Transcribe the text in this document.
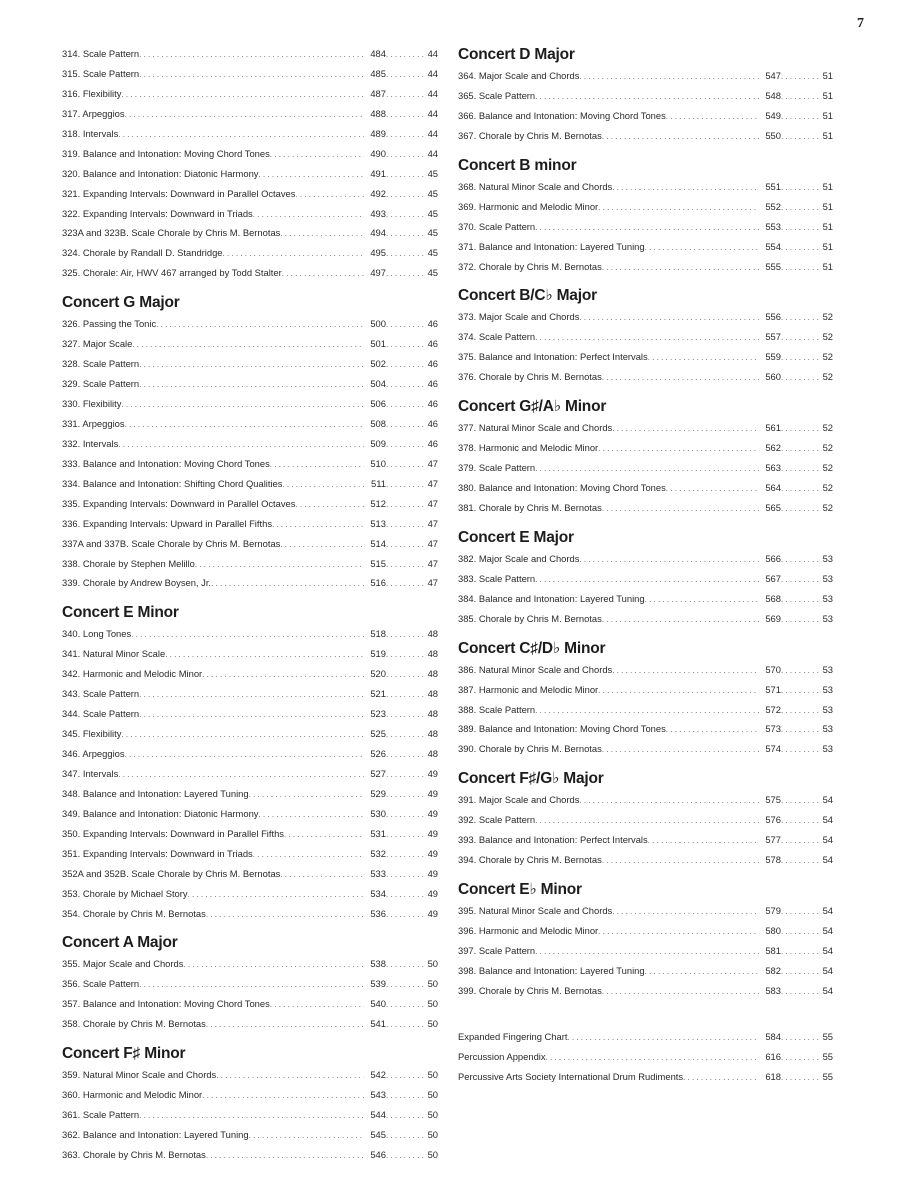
7
314. Scale Pattern . . .	484 . . .	44
315. Scale Pattern . . .	485 . . .	44
316. Flexibility . . .	487 . . .	44
317. Arpeggios . . .	488 . . .	44
318. Intervals . . .	489 . . .	44
319. Balance and Intonation: Moving Chord Tones . . .	490 . . .	44
320. Balance and Intonation: Diatonic Harmony . . .	491 . . .	45
321. Expanding Intervals: Downward in Parallel Octaves . . .	492 . . .	45
322. Expanding Intervals: Downward in Triads . . .	493 . . .	45
323A and 323B. Scale Chorale by Chris M. Bernotas . . .	494 . . .	45
324. Chorale by Randall D. Standridge . . .	495 . . .	45
325. Chorale: Air, HWV 467 arranged by Todd Stalter . . .	497 . . .	45
Concert G Major
326. Passing the Tonic . . .	500 . . .	46
327. Major Scale . . .	501 . . .	46
328. Scale Pattern . . .	502 . . .	46
329. Scale Pattern . . .	504 . . .	46
330. Flexibility . . .	506 . . .	46
331. Arpeggios . . .	508 . . .	46
332. Intervals . . .	509 . . .	46
333. Balance and Intonation: Moving Chord Tones . . .	510 . . .	47
334. Balance and Intonation: Shifting Chord Qualities . . .	511 . . .	47
335. Expanding Intervals: Downward in Parallel Octaves . . .	512 . . .	47
336. Expanding Intervals: Upward in Parallel Fifths . . .	513 . . .	47
337A and 337B. Scale Chorale by Chris M. Bernotas . . .	514 . . .	47
338. Chorale by Stephen Melillo . . .	515 . . .	47
339. Chorale by Andrew Boysen, Jr. . . .	516 . . .	47
Concert E Minor
340. Long Tones . . .	518 . . .	48
341. Natural Minor Scale . . .	519 . . .	48
342. Harmonic and Melodic Minor . . .	520 . . .	48
343. Scale Pattern . . .	521 . . .	48
344. Scale Pattern . . .	523 . . .	48
345. Flexibility . . .	525 . . .	48
346. Arpeggios . . .	526 . . .	48
347. Intervals . . .	527 . . .	49
348. Balance and Intonation: Layered Tuning . . .	529 . . .	49
349. Balance and Intonation: Diatonic Harmony . . .	530 . . .	49
350. Expanding Intervals: Downward in Parallel Fifths . . .	531 . . .	49
351. Expanding Intervals: Downward in Triads . . .	532 . . .	49
352A and 352B. Scale Chorale by Chris M. Bernotas . . .	533 . . .	49
353. Chorale by Michael Story . . .	534 . . .	49
354. Chorale by Chris M. Bernotas . . .	536 . . .	49
Concert A Major
355. Major Scale and Chords . . .	538 . . .	50
356. Scale Pattern . . .	539 . . .	50
357. Balance and Intonation: Moving Chord Tones . . .	540 . . .	50
358. Chorale by Chris M. Bernotas . . .	541 . . .	50
Concert F♯ Minor
359. Natural Minor Scale and Chords . . .	542 . . .	50
360. Harmonic and Melodic Minor . . .	543 . . .	50
361. Scale Pattern . . .	544 . . .	50
362. Balance and Intonation: Layered Tuning . . .	545 . . .	50
363. Chorale by Chris M. Bernotas . . .	546 . . .	50
Concert D Major
364. Major Scale and Chords . . .	547 . . .	51
365. Scale Pattern . . .	548 . . .	51
366. Balance and Intonation: Moving Chord Tones . . .	549 . . .	51
367. Chorale by Chris M. Bernotas . . .	550 . . .	51
Concert B minor
368. Natural Minor Scale and Chords . . .	551 . . .	51
369. Harmonic and Melodic Minor . . .	552 . . .	51
370. Scale Pattern . . .	553 . . .	51
371. Balance and Intonation: Layered Tuning . . .	554 . . .	51
372. Chorale by Chris M. Bernotas . . .	555 . . .	51
Concert B/C♭ Major
373. Major Scale and Chords . . .	556 . . .	52
374. Scale Pattern . . .	557 . . .	52
375. Balance and Intonation: Perfect Intervals . . .	559 . . .	52
376. Chorale by Chris M. Bernotas . . .	560 . . .	52
Concert G♯/A♭ Minor
377. Natural Minor Scale and Chords . . .	561 . . .	52
378. Harmonic and Melodic Minor . . .	562 . . .	52
379. Scale Pattern . . .	563 . . .	52
380. Balance and Intonation: Moving Chord Tones . . .	564 . . .	52
381. Chorale by Chris M. Bernotas . . .	565 . . .	52
Concert E Major
382. Major Scale and Chords . . .	566 . . .	53
383. Scale Pattern . . .	567 . . .	53
384. Balance and Intonation: Layered Tuning . . .	568 . . .	53
385. Chorale by Chris M. Bernotas . . .	569 . . .	53
Concert C♯/D♭ Minor
386. Natural Minor Scale and Chords . . .	570 . . .	53
387. Harmonic and Melodic Minor . . .	571 . . .	53
388. Scale Pattern . . .	572 . . .	53
389. Balance and Intonation: Moving Chord Tones . . .	573 . . .	53
390. Chorale by Chris M. Bernotas . . .	574 . . .	53
Concert F♯/G♭ Major
391. Major Scale and Chords . . .	575 . . .	54
392. Scale Pattern . . .	576 . . .	54
393. Balance and Intonation: Perfect Intervals . . .	577 . . .	54
394. Chorale by Chris M. Bernotas . . .	578 . . .	54
Concert E♭ Minor
395. Natural Minor Scale and Chords . . .	579 . . .	54
396. Harmonic and Melodic Minor . . .	580 . . .	54
397. Scale Pattern . . .	581 . . .	54
398. Balance and Intonation: Layered Tuning . . .	582 . . .	54
399. Chorale by Chris M. Bernotas . . .	583 . . .	54
Expanded Fingering Chart . . .	584 . . .	55
Percussion Appendix . . .	616 . . .	55
Percussive Arts Society International Drum Rudiments . . .	618 . . .	55
